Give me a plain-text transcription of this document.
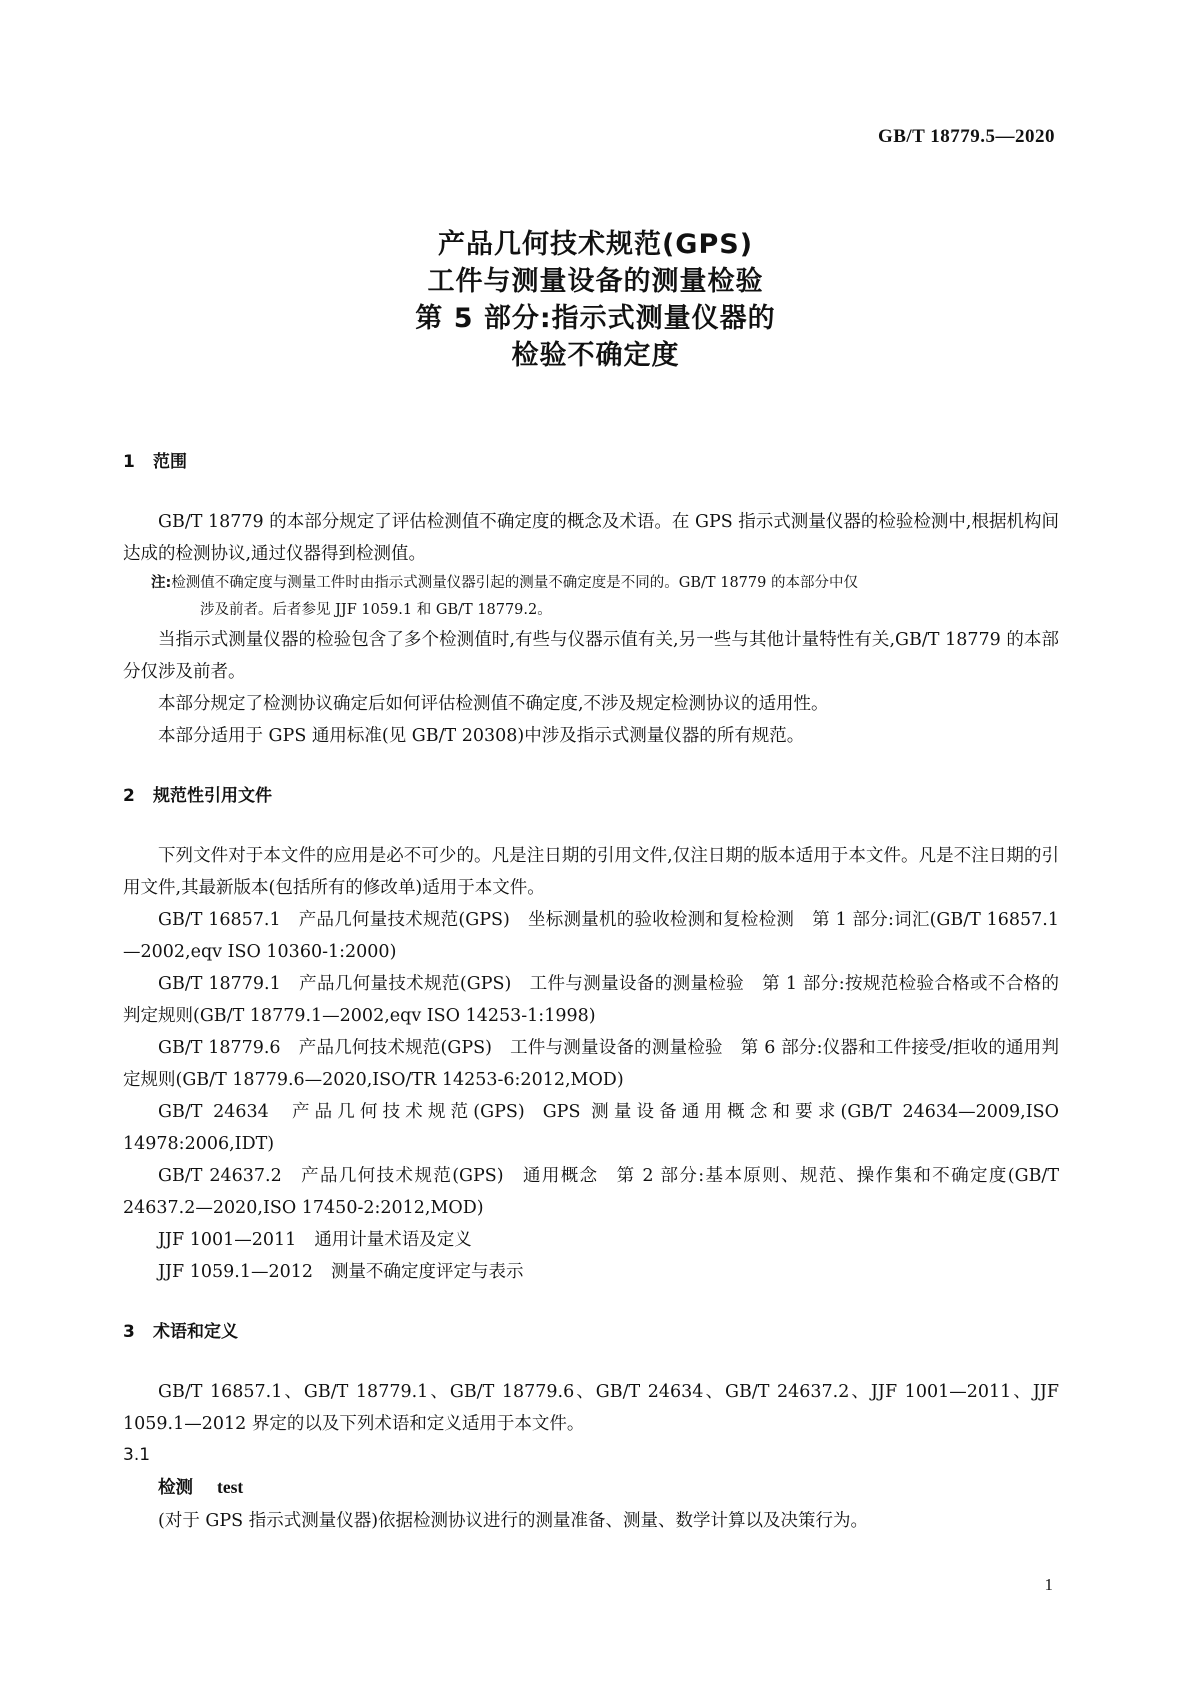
GB/T 18779.5—2020
产品几何技术规范(GPS)
工件与测量设备的测量检验
第 5 部分:指示式测量仪器的
检验不确定度
1 范围

GB/T 18779 的本部分规定了评估检测值不确定度的概念及术语。在 GPS 指示式测量仪器的检验检测中,根据机构间达成的检测协议,通过仪器得到检测值。

注:检测值不确定度与测量工件时由指示式测量仪器引起的测量不确定度是不同的。GB/T 18779 的本部分中仅

涉及前者。后者参见 JJF 1059.1 和 GB/T 18779.2。

当指示式测量仪器的检验包含了多个检测值时,有些与仪器示值有关,另一些与其他计量特性有关,GB/T 18779 的本部分仅涉及前者。

本部分规定了检测协议确定后如何评估检测值不确定度,不涉及规定检测协议的适用性。

本部分适用于 GPS 通用标准(见 GB/T 20308)中涉及指示式测量仪器的所有规范。

2 规范性引用文件

下列文件对于本文件的应用是必不可少的。凡是注日期的引用文件,仅注日期的版本适用于本文件。凡是不注日期的引用文件,其最新版本(包括所有的修改单)适用于本文件。

GB/T 16857.1 产品几何量技术规范(GPS) 坐标测量机的验收检测和复检检测 第 1 部分:词汇(GB/T 16857.1—2002,eqv ISO 10360-1:2000)

GB/T 18779.1 产品几何量技术规范(GPS) 工件与测量设备的测量检验 第 1 部分:按规范检验合格或不合格的判定规则(GB/T 18779.1—2002,eqv ISO 14253-1:1998)

GB/T 18779.6 产品几何技术规范(GPS) 工件与测量设备的测量检验 第 6 部分:仪器和工件接受/拒收的通用判定规则(GB/T 18779.6—2020,ISO/TR 14253-6:2012,MOD)

GB/T 24634 产品几何技术规范(GPS) GPS 测量设备通用概念和要求(GB/T 24634—2009,ISO 14978:2006,IDT)

GB/T 24637.2 产品几何技术规范(GPS) 通用概念 第 2 部分:基本原则、规范、操作集和不确定度(GB/T 24637.2—2020,ISO 17450-2:2012,MOD)

JJF 1001—2011 通用计量术语及定义

JJF 1059.1—2012 测量不确定度评定与表示

3 术语和定义

GB/T 16857.1、GB/T 18779.1、GB/T 18779.6、GB/T 24634、GB/T 24637.2、JJF 1001—2011、JJF 1059.1—2012 界定的以及下列术语和定义适用于本文件。

3.1

检测 test

(对于 GPS 指示式测量仪器)依据检测协议进行的测量准备、测量、数学计算以及决策行为。

1
